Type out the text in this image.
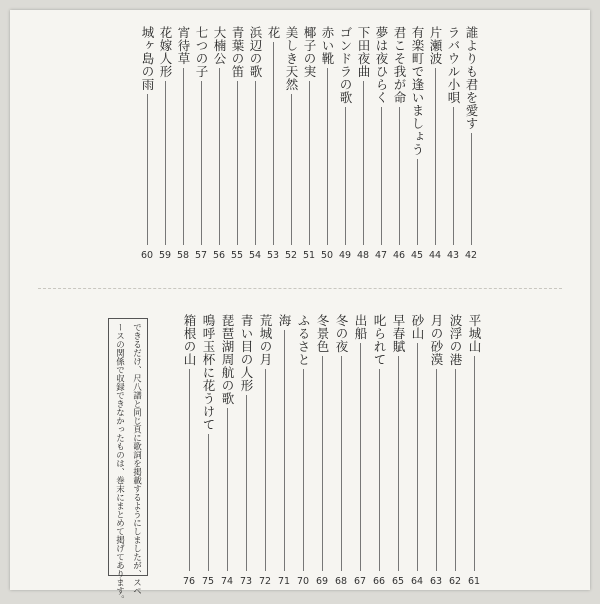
誰よりも君を愛す
42
ラバウル小唄
43
片瀬波
44
有楽町で逢いましょう
45
君こそ我が命
46
夢は夜ひらく
47
下田夜曲
48
ゴンドラの歌
49
赤い靴
50
椰子の実
51
美しき天然
52
花
53
浜辺の歌
54
青葉の笛
55
大楠公
56
七つの子
57
宵待草
58
花嫁人形
59
城ヶ島の雨
60
できるだけ、尺八譜と同じ頁に歌詞を掲載するようにしましたが、スペ
ースの関係で収録できなかったものは、巻末にまとめて掲げてあります。	平城山
61
波浮の港
62
月の砂漠
63
砂山
64
早春賦
65
叱られて
66
出船
67
冬の夜
68
冬景色
69
ふるさと
70
海
71
荒城の月
72
青い目の人形
73
琵琶湖周航の歌
74
鳴呼玉杯に花うけて
75
箱根の山
76
